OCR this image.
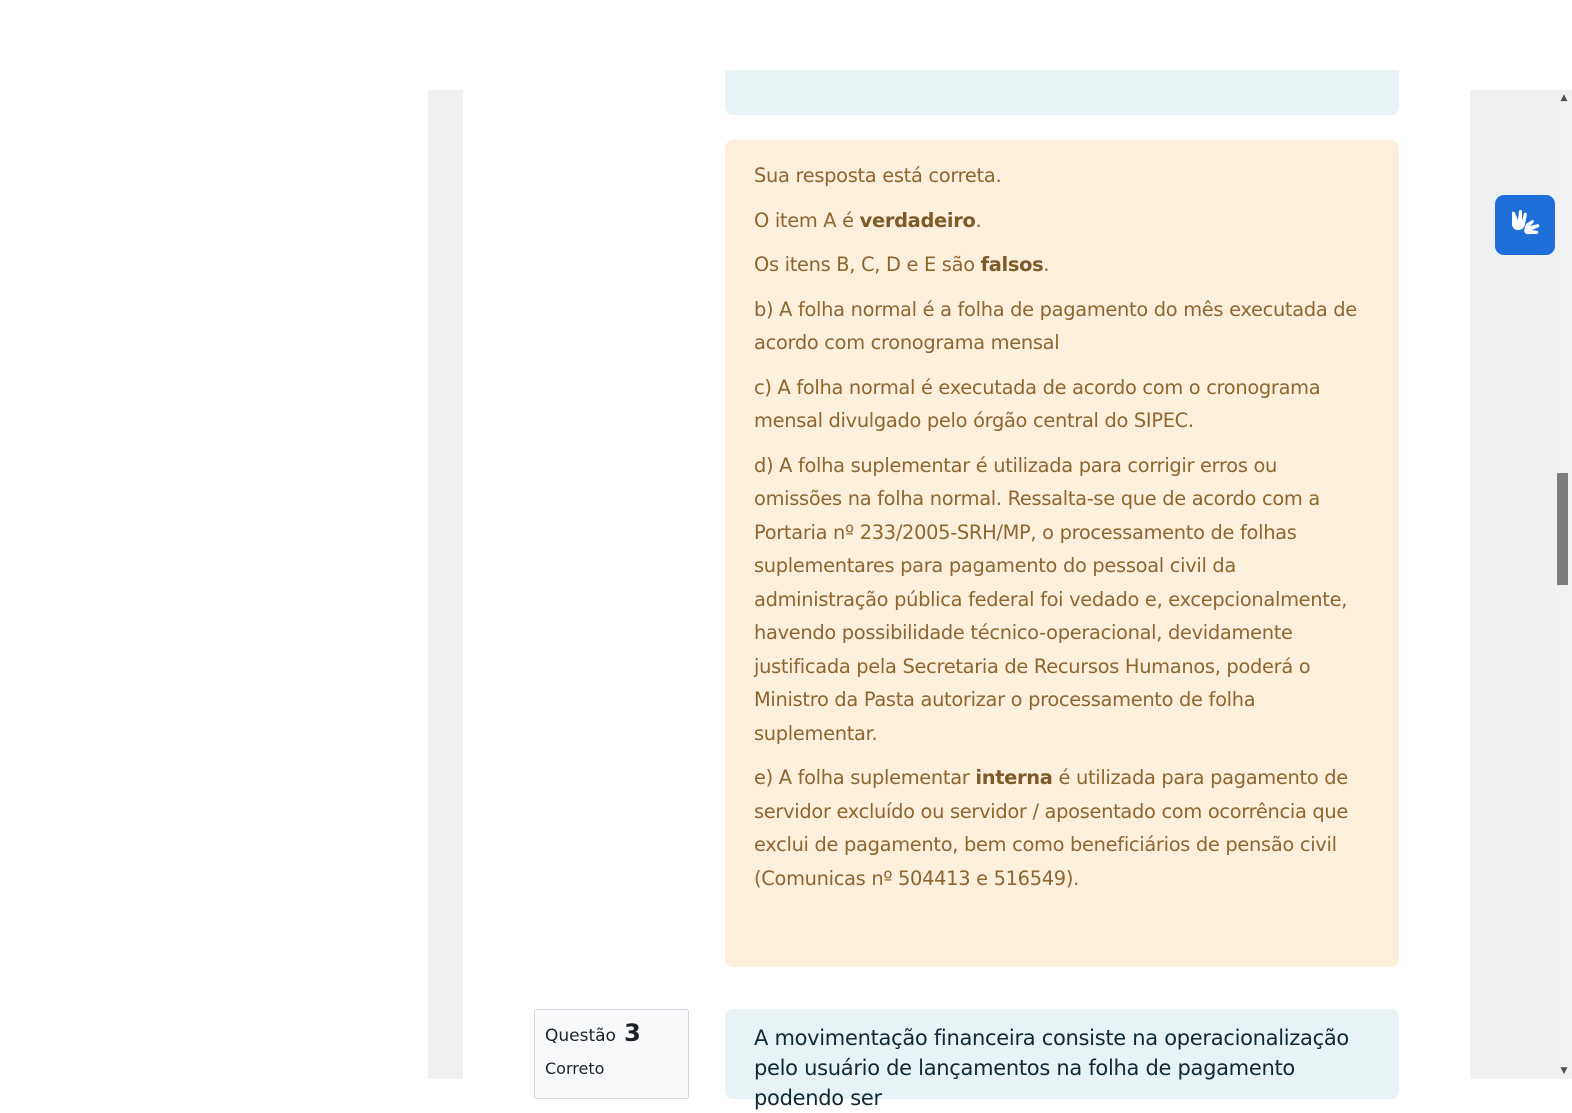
Sua resposta está correta.

O item A é verdadeiro.

Os itens B, C, D e E são falsos.

b) A folha normal é a folha de pagamento do mês executada de acordo com cronograma mensal

c) A folha normal é executada de acordo com o cronograma mensal divulgado pelo órgão central do SIPEC.

d) A folha suplementar é utilizada para corrigir erros ou omissões na folha normal. Ressalta-se que de acordo com a Portaria nº 233/2005-SRH/MP, o processamento de folhas suplementares para pagamento do pessoal civil da administração pública federal foi vedado e, excepcionalmente, havendo possibilidade técnico-operacional, devidamente justificada pela Secretaria de Recursos Humanos, poderá o Ministro da Pasta autorizar o processamento de folha suplementar.

e) A folha suplementar interna é utilizada para pagamento de servidor excluído ou servidor / aposentado com ocorrência que exclui de pagamento, bem como beneficiários de pensão civil (Comunicas nº 504413 e 516549).

Questão 3
Correto
A movimentação financeira consiste na operacionalização pelo usuário de lançamentos na folha de pagamento podendo ser
▲
▼
